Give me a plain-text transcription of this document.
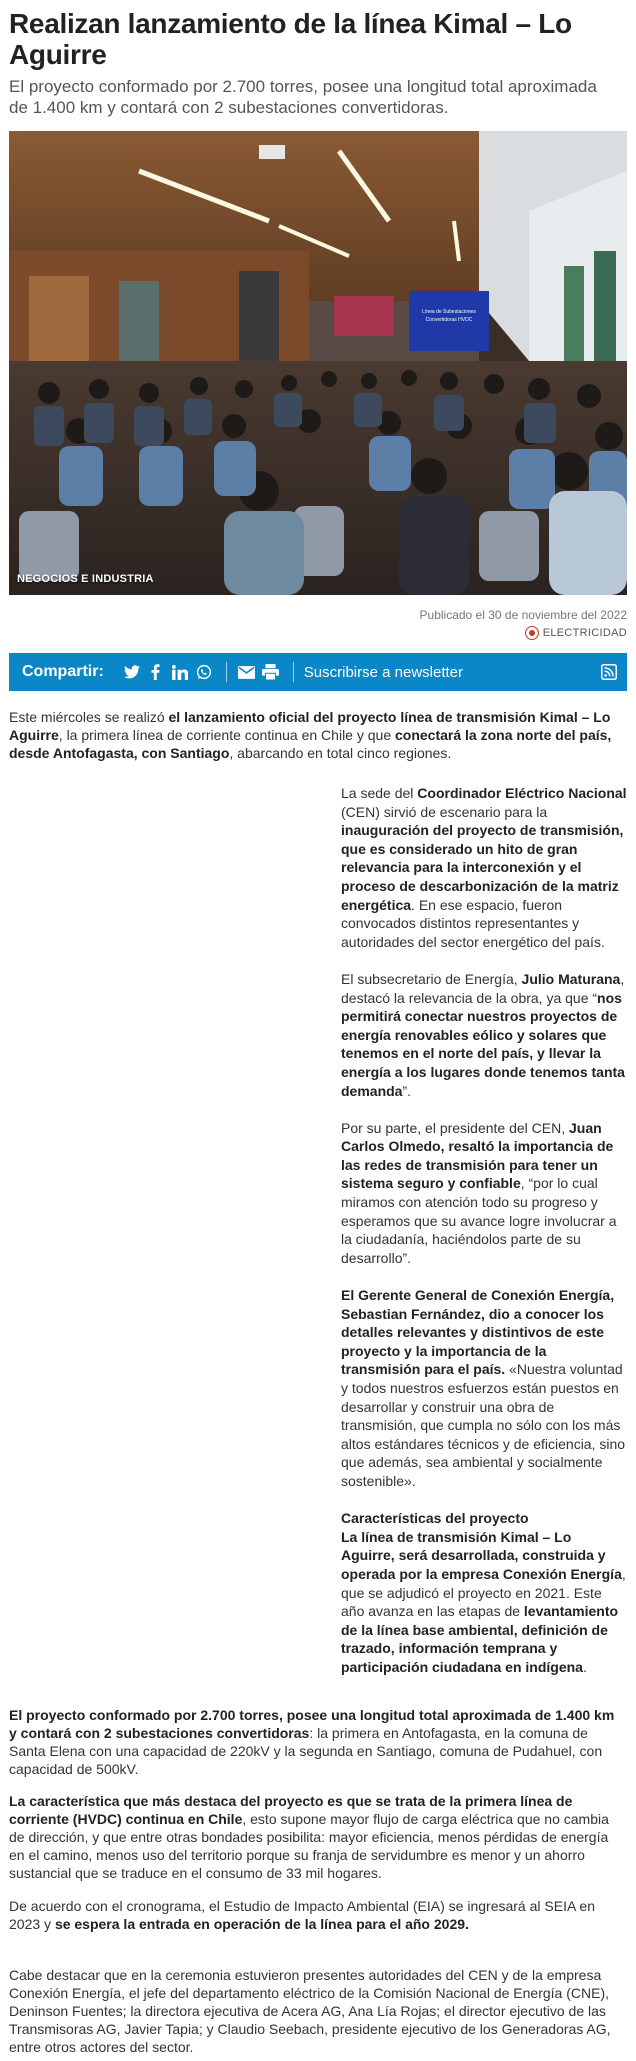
Realizan lanzamiento de la línea Kimal – Lo Aguirre

El proyecto conformado por 2.700 torres, posee una longitud total aproximada de 1.400 km y contará con 2 subestaciones convertidoras.

Línea de Subestaciones
Convertidoras HVDC
NEGOCIOS E INDUSTRIA
Publicado el 30 de noviembre del 2022
ELECTRICIDAD
Compartir:	Suscribirse a newsletter

Este miércoles se realizó el lanzamiento oficial del proyecto línea de transmisión Kimal – Lo Aguirre, la primera línea de corriente continua en Chile y que conectará la zona norte del país, desde Antofagasta, con Santiago, abarcando en total cinco regiones.

La sede del Coordinador Eléctrico Nacional (CEN) sirvió de escenario para la inauguración del proyecto de transmisión, que es considerado un hito de gran relevancia para la interconexión y el proceso de descarbonización de la matriz energética. En ese espacio, fueron convocados distintos representantes y autoridades del sector energético del país.

El subsecretario de Energía, Julio Maturana, destacó la relevancia de la obra, ya que “nos permitirá conectar nuestros proyectos de energía renovables eólico y solares que tenemos en el norte del país, y llevar la energía a los lugares donde tenemos tanta demanda”.

Por su parte, el presidente del CEN, Juan Carlos Olmedo, resaltó la importancia de las redes de transmisión para tener un sistema seguro y confiable, “por lo cual miramos con atención todo su progreso y esperamos que su avance logre involucrar a la ciudadanía, haciéndolos parte de su desarrollo”.

El Gerente General de Conexión Energía, Sebastian Fernández, dio a conocer los detalles relevantes y distintivos de este proyecto y la importancia de la transmisión para el país. «Nuestra voluntad y todos nuestros esfuerzos están puestos en desarrollar y construir una obra de transmisión, que cumpla no sólo con los más altos estándares técnicos y de eficiencia, sino que además, sea ambiental y socialmente sostenible».

Características del proyecto
La línea de transmisión Kimal – Lo Aguirre, será desarrollada, construida y operada por la empresa Conexión Energía, que se adjudicó el proyecto en 2021. Este año avanza en las etapas de levantamiento de la línea base ambiental, definición de trazado, información temprana y participación ciudadana en indígena.

El proyecto conformado por 2.700 torres, posee una longitud total aproximada de 1.400 km y contará con 2 subestaciones convertidoras: la primera en Antofagasta, en la comuna de Santa Elena con una capacidad de 220kV y la segunda en Santiago, comuna de Pudahuel, con capacidad de 500kV.

La característica que más destaca del proyecto es que se trata de la primera línea de corriente (HVDC) continua en Chile, esto supone mayor flujo de carga eléctrica que no cambia de dirección, y que entre otras bondades posibilita: mayor eficiencia, menos pérdidas de energía en el camino, menos uso del territorio porque su franja de servidumbre es menor y un ahorro sustancial que se traduce en el consumo de 33 mil hogares.

De acuerdo con el cronograma, el Estudio de Impacto Ambiental (EIA) se ingresará al SEIA en 2023 y se espera la entrada en operación de la línea para el año 2029.

Cabe destacar que en la ceremonia estuvieron presentes autoridades del CEN y de la empresa Conexión Energía, el jefe del departamento eléctrico de la Comisión Nacional de Energía (CNE), Deninson Fuentes; la directora ejecutiva de Acera AG, Ana Lía Rojas; el director ejecutivo de las Transmisoras AG, Javier Tapia; y Claudio Seebach, presidente ejecutivo de los Generadoras AG, entre otros actores del sector.
